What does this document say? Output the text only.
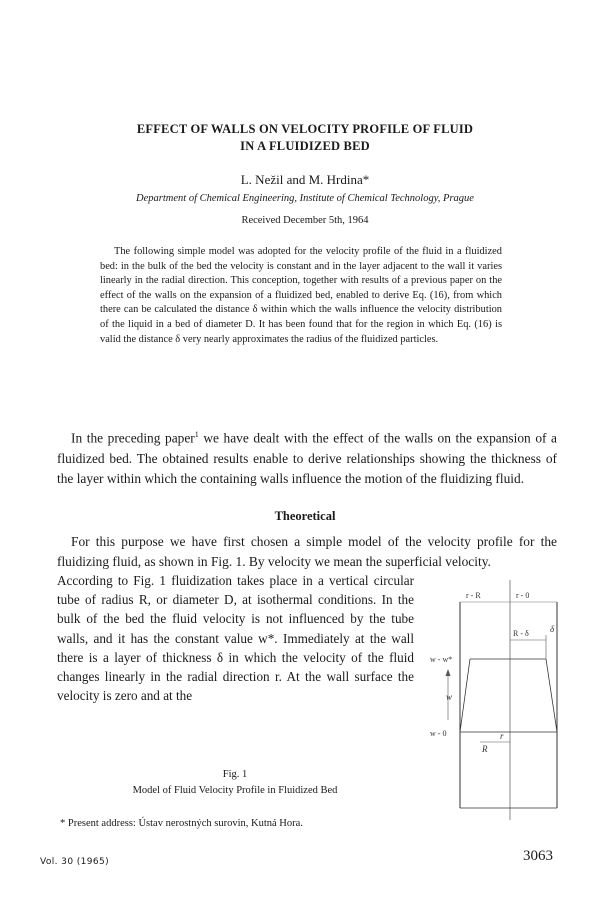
EFFECT OF WALLS ON VELOCITY PROFILE OF FLUID
IN A FLUIDIZED BED
L. Nežil and M. Hrdina*
Department of Chemical Engineering, Institute of Chemical Technology, Prague
Received December 5th, 1964
The following simple model was adopted for the velocity profile of the fluid in a fluidized bed: in the bulk of the bed the velocity is constant and in the layer adjacent to the wall it varies linearly in the radial direction. This conception, together with results of a previous paper on the effect of the walls on the expansion of a fluidized bed, enabled to derive Eq. (16), from which there can be calculated the distance δ within which the walls influence the velocity distribution of the liquid in a bed of diameter D. It has been found that for the region in which Eq. (16) is valid the distance δ very nearly approximates the radius of the fluidized particles.
In the preceding paper$^1$ we have dealt with the effect of the walls on the expansion of a fluidized bed. The obtained results enable to derive relationships showing the thickness of the layer within which the containing walls influence the motion of the fluidizing fluid.
Theoretical
For this purpose we have first chosen a simple model of the velocity profile for the fluidizing fluid, as shown in Fig. 1. By velocity we mean the superficial velocity.
According to Fig. 1 fluidization takes place in a vertical circular tube of radius R, or diameter D, at isothermal conditions. In the bulk of the bed the fluid velocity is not influenced by the tube walls, and it has the constant value w*. Immediately at the wall there is a layer of thickness δ in which the velocity of the fluid changes linearly in the radial direction r. At the wall surface the velocity is zero and at the
r - R	r - 0
R - δ δ
w - w*
w - 0
w
r
R
Fig. 1
Model of Fluid Velocity Profile in Fluidized Bed
* Present address: Ústav nerostných surovin, Kutná Hora.
Vol. 30 (1965)	3063
